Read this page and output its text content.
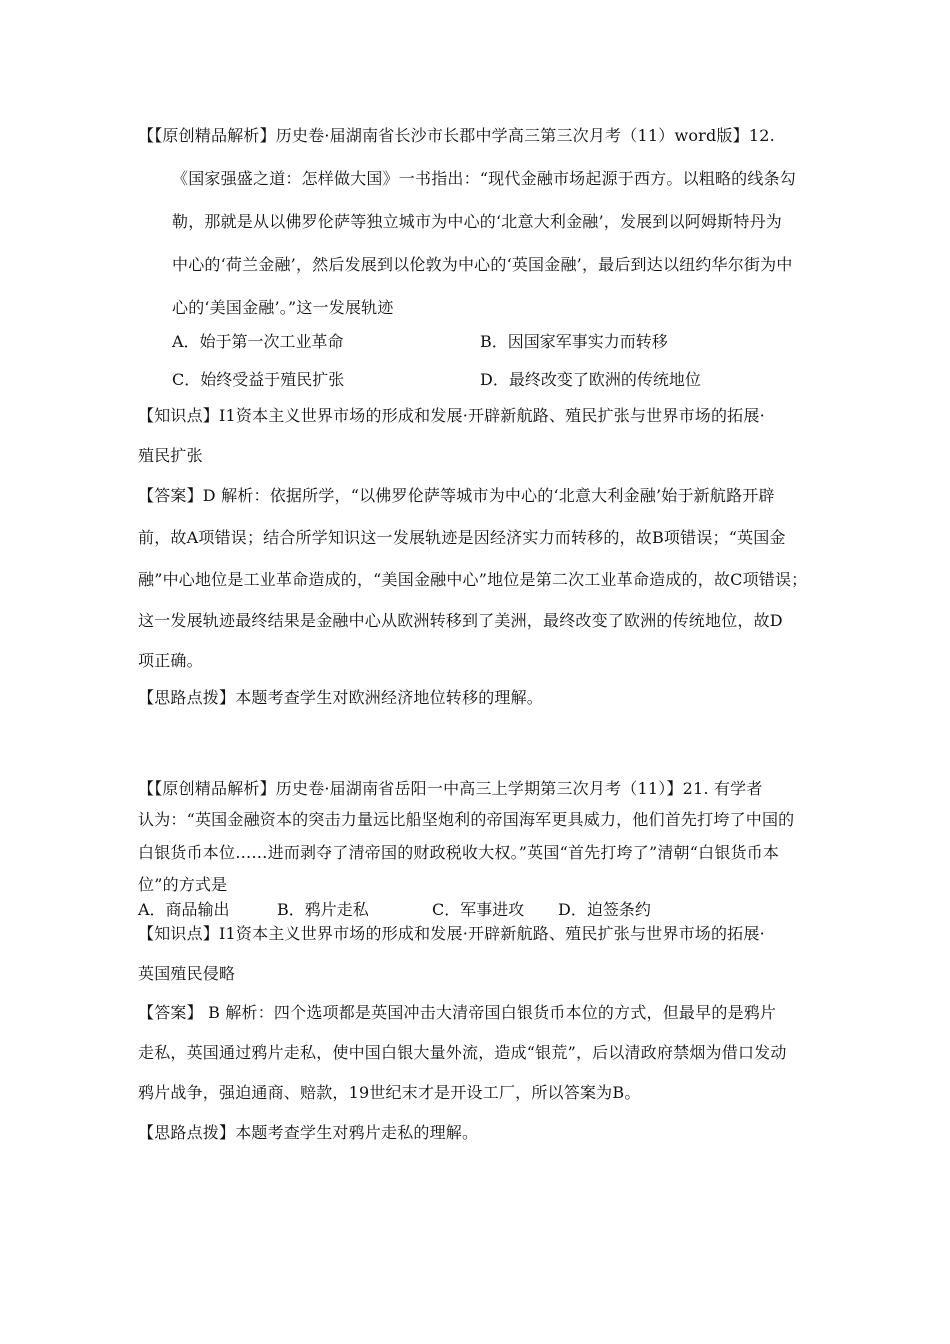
【【原创精品解析】历史卷·届湖南省长沙市长郡中学高三第三次月考（11）word版】12.
《国家强盛之道：怎样做大国》一书指出：“现代金融市场起源于西方。以粗略的线条勾
勒，那就是从以佛罗伦萨等独立城市为中心的‘北意大利金融’，发展到以阿姆斯特丹为
中心的‘荷兰金融’，然后发展到以伦敦为中心的‘英国金融’，最后到达以纽约华尔街为中
心的‘美国金融’。”这一发展轨迹
A．始于第一次工业革命	B．因国家军事实力而转移
C．始终受益于殖民扩张	D．最终改变了欧洲的传统地位
【知识点】I1资本主义世界市场的形成和发展·开辟新航路、殖民扩张与世界市场的拓展·
殖民扩张
【答案】D 解析：依据所学，“以佛罗伦萨等城市为中心的‘北意大利金融’始于新航路开辟
前，故A项错误；结合所学知识这一发展轨迹是因经济实力而转移的，故B项错误；“英国金
融”中心地位是工业革命造成的，“美国金融中心”地位是第二次工业革命造成的，故C项错误；
这一发展轨迹最终结果是金融中心从欧洲转移到了美洲，最终改变了欧洲的传统地位，故D
项正确。
【思路点拨】本题考查学生对欧洲经济地位转移的理解。
【【原创精品解析】历史卷·届湖南省岳阳一中高三上学期第三次月考（11）】21. 有学者
认为：“英国金融资本的突击力量远比船坚炮利的帝国海军更具威力，他们首先打垮了中国的
白银货币本位……进而剥夺了清帝国的财政税收大权。”英国“首先打垮了”清朝“白银货币本
位”的方式是
A．商品输出	B．鸦片走私	C．军事进攻 D．迫签条约
【知识点】I1资本主义世界市场的形成和发展·开辟新航路、殖民扩张与世界市场的拓展·
英国殖民侵略
【答案】 B 解析：四个选项都是英国冲击大清帝国白银货币本位的方式，但最早的是鸦片
走私，英国通过鸦片走私，使中国白银大量外流，造成“银荒”，后以清政府禁烟为借口发动
鸦片战争，强迫通商、赔款，19世纪末才是开设工厂，所以答案为B。
【思路点拨】本题考查学生对鸦片走私的理解。
